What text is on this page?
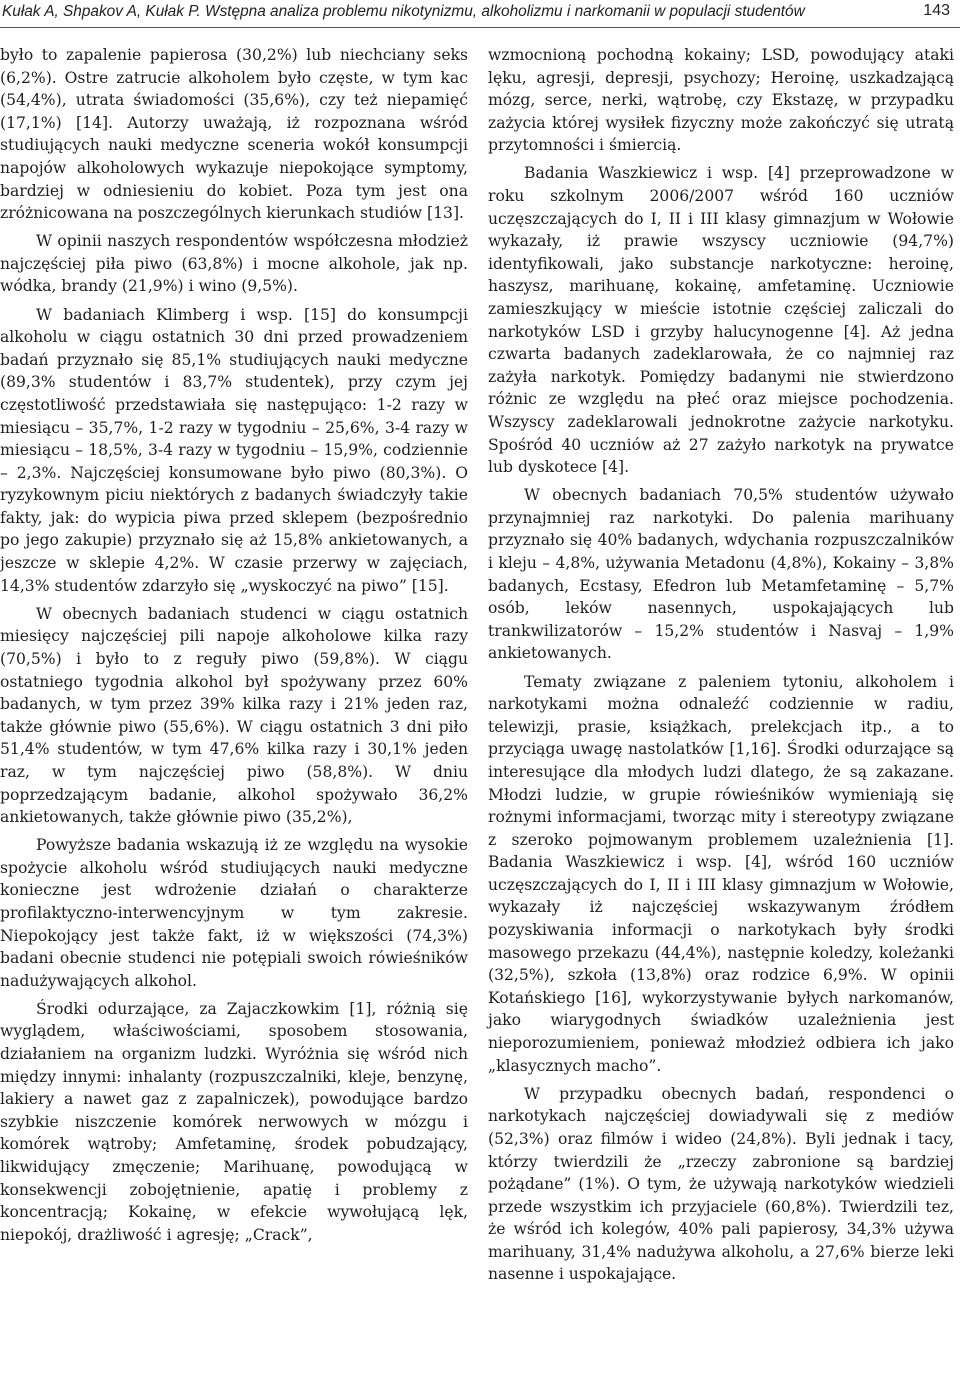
Kułak A, Shpakov A, Kułak P. Wstępna analiza problemu nikotynizmu, alkoholizmu i narkomanii w populacji studentów	143

było to zapalenie papierosa (30,2%) lub niechciany seks (6,2%). Ostre zatrucie alkoholem było częste, w tym kac (54,4%), utrata świadomości (35,6%), czy też niepamięć (17,1%) [14]. Autorzy uważają, iż rozpoznana wśród studiujących nauki medyczne sceneria wokół konsumpcji napojów alkoholowych wykazuje niepokojące symptomy, bardziej w odniesieniu do kobiet. Poza tym jest ona zróżnicowana na poszczególnych kierunkach studiów [13].

W opinii naszych respondentów współczesna młodzież najczęściej piła piwo (63,8%) i mocne alkohole, jak np. wódka, brandy (21,9%) i wino (9,5%).

W badaniach Klimberg i wsp. [15] do konsumpcji alkoholu w ciągu ostatnich 30 dni przed prowadzeniem badań przyznało się 85,1% studiujących nauki medyczne (89,3% studentów i 83,7% studentek), przy czym jej częstotliwość przedstawiała się następująco: 1-2 razy w miesiącu – 35,7%, 1-2 razy w tygodniu – 25,6%, 3-4 razy w miesiącu – 18,5%, 3-4 razy w tygodniu – 15,9%, codziennie – 2,3%. Najczęściej konsumowane było piwo (80,3%). O ryzykownym piciu niektórych z badanych świadczyły takie fakty, jak: do wypicia piwa przed sklepem (bezpośrednio po jego zakupie) przyznało się aż 15,8% ankietowanych, a jeszcze w sklepie 4,2%. W czasie przerwy w zajęciach, 14,3% studentów zdarzyło się „wyskoczyć na piwo” [15].

W obecnych badaniach studenci w ciągu ostatnich miesięcy najczęściej pili napoje alkoholowe kilka razy (70,5%) i było to z reguły piwo (59,8%). W ciągu ostatniego tygodnia alkohol był spożywany przez 60% badanych, w tym przez 39% kilka razy i 21% jeden raz, także głównie piwo (55,6%). W ciągu ostatnich 3 dni piło 51,4% studentów, w tym 47,6% kilka razy i 30,1% jeden raz, w tym najczęściej piwo (58,8%). W dniu poprzedzającym badanie, alkohol spożywało 36,2% ankietowanych, także głównie piwo (35,2%),

Powyższe badania wskazują iż ze względu na wysokie spożycie alkoholu wśród studiujących nauki medyczne konieczne jest wdrożenie działań o charakterze profilaktyczno-interwencyjnym w tym zakresie. Niepokojący jest także fakt, iż w większości (74,3%) badani obecnie studenci nie potępiali swoich rówieśników nadużywających alkohol.

Środki odurzające, za Zajaczkowkim [1], różnią się wyglądem, właściwościami, sposobem stosowania, działaniem na organizm ludzki. Wyróżnia się wśród nich między innymi: inhalanty (rozpuszczalniki, kleje, benzynę, lakiery a nawet gaz z zapalniczek), powodujące bardzo szybkie niszczenie komórek nerwowych w mózgu i komórek wątroby; Amfetaminę, środek pobudzający, likwidujący zmęczenie; Marihuanę, powodującą w konsekwencji zobojętnienie, apatię i problemy z koncentracją; Kokainę, w efekcie wywołującą lęk, niepokój, drażliwość i agresję; „Crack”,

wzmocnioną pochodną kokainy; LSD, powodujący ataki lęku, agresji, depresji, psychozy; Heroinę, uszkadzającą mózg, serce, nerki, wątrobę, czy Ekstazę, w przypadku zażycia której wysiłek fizyczny może zakończyć się utratą przytomności i śmiercią.

Badania Waszkiewicz i wsp. [4] przeprowadzone w roku szkolnym 2006/2007 wśród 160 uczniów uczęszczających do I, II i III klasy gimnazjum w Wołowie wykazały, iż prawie wszyscy uczniowie (94,7%) identyfikowali, jako substancje narkotyczne: heroinę, haszysz, marihuanę, kokainę, amfetaminę. Uczniowie zamieszkujący w mieście istotnie częściej zaliczali do narkotyków LSD i grzyby halucynogenne [4]. Aż jedna czwarta badanych zadeklarowała, że co najmniej raz zażyła narkotyk. Pomiędzy badanymi nie stwierdzono różnic ze względu na płeć oraz miejsce pochodzenia. Wszyscy zadeklarowali jednokrotne zażycie narkotyku. Spośród 40 uczniów aż 27 zażyło narkotyk na prywatce lub dyskotece [4].

W obecnych badaniach 70,5% studentów używało przynajmniej raz narkotyki. Do palenia marihuany przyznało się 40% badanych, wdychania rozpuszczalników i kleju – 4,8%, używania Metadonu (4,8%), Kokainy – 3,8% badanych, Ecstasy, Efedron lub Metamfetaminę – 5,7% osób, leków nasennych, uspokajających lub trankwilizatorów – 15,2% studentów i Nasvaj – 1,9% ankietowanych.

Tematy związane z paleniem tytoniu, alkoholem i narkotykami można odnaleźć codziennie w radiu, telewizji, prasie, książkach, prelekcjach itp., a to przyciąga uwagę nastolatków [1,16]. Środki odurzające są interesujące dla młodych ludzi dlatego, że są zakazane. Młodzi ludzie, w grupie rówieśników wymieniają się rożnymi informacjami, tworząc mity i stereotypy związane z szeroko pojmowanym problemem uzależnienia [1]. Badania Waszkiewicz i wsp. [4], wśród 160 uczniów uczęszczających do I, II i III klasy gimnazjum w Wołowie, wykazały iż najczęściej wskazywanym źródłem pozyskiwania informacji o narkotykach były środki masowego przekazu (44,4%), następnie koledzy, koleżanki (32,5%), szkoła (13,8%) oraz rodzice 6,9%. W opinii Kotańskiego [16], wykorzystywanie byłych narkomanów, jako wiarygodnych świadków uzależnienia jest nieporozumieniem, ponieważ młodzież odbiera ich jako „klasycznych macho”.

W przypadku obecnych badań, respondenci o narkotykach najczęściej dowiadywali się z mediów (52,3%) oraz filmów i wideo (24,8%). Byli jednak i tacy, którzy twierdzili że „rzeczy zabronione są bardziej pożądane” (1%). O tym, że używają narkotyków wiedzieli przede wszystkim ich przyjaciele (60,8%). Twierdzili tez, że wśród ich kolegów, 40% pali papierosy, 34,3% używa marihuany, 31,4% nadużywa alkoholu, a 27,6% bierze leki nasenne i uspokajające.
